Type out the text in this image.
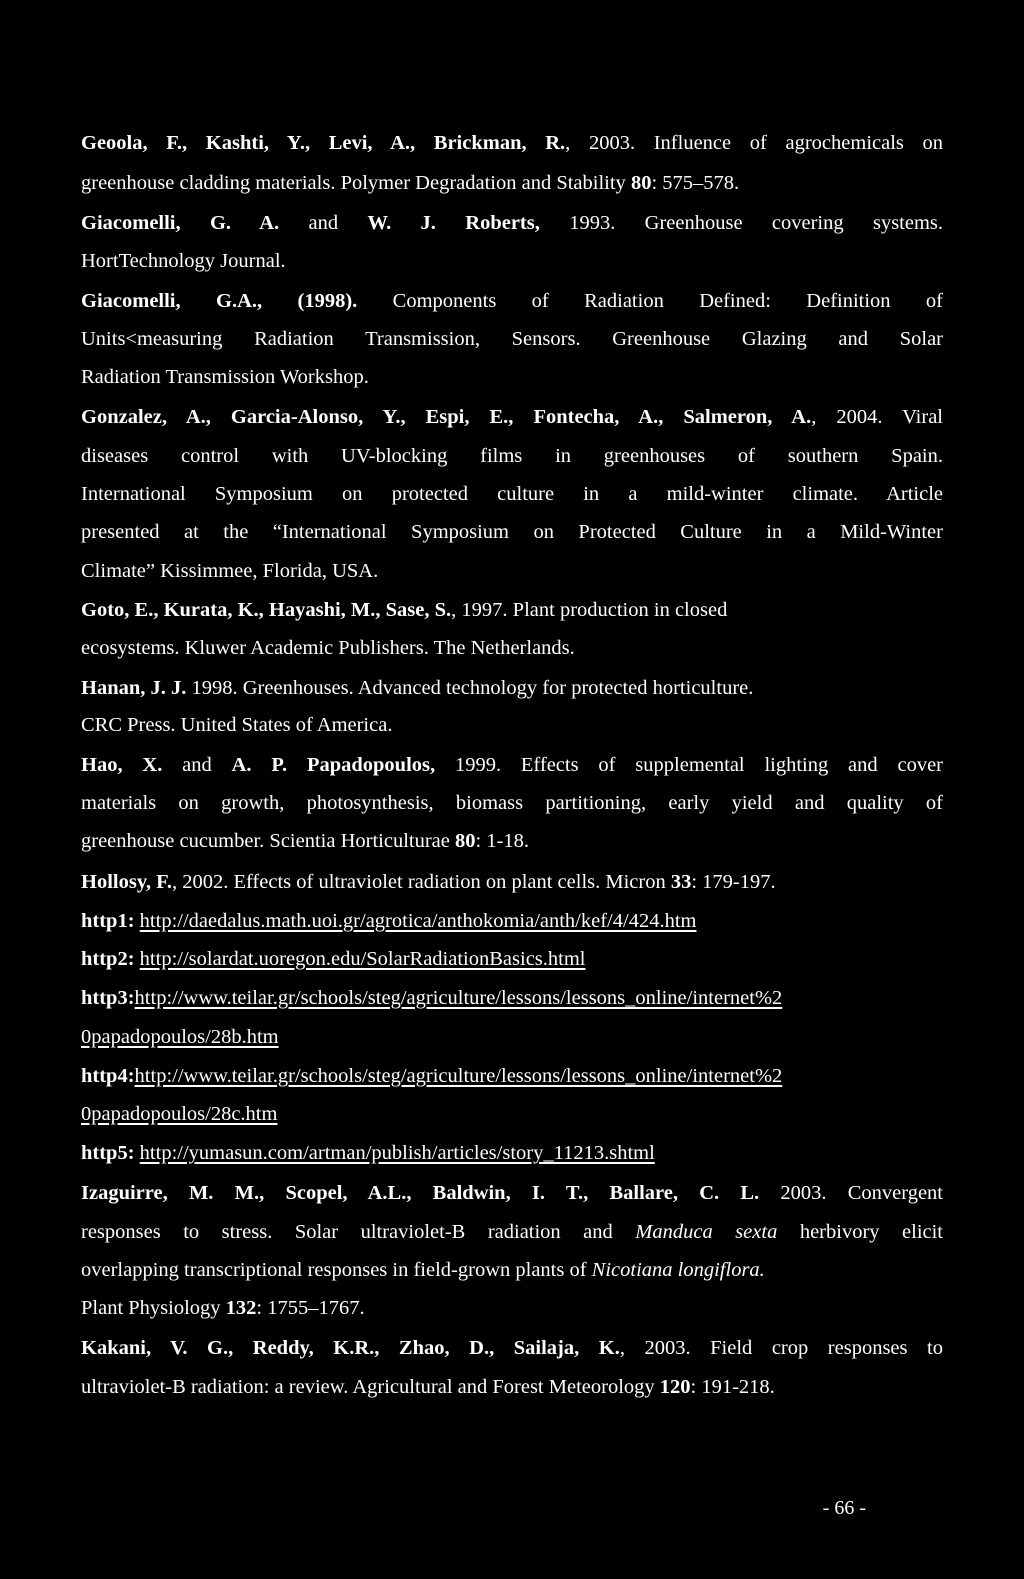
Geoola, F., Kashti, Y., Levi, A., Brickman, R., 2003. Influence of agrochemicals on
greenhouse cladding materials. Polymer Degradation and Stability 80: 575–578.
Giacomelli, G. A. and W. J. Roberts, 1993. Greenhouse covering systems.
HortTechnology Journal.
Giacomelli, G.A., (1998). Components of Radiation Defined: Definition of
Units<measuring Radiation Transmission, Sensors. Greenhouse Glazing and Solar
Radiation Transmission Workshop.
Gonzalez, A., Garcia-Alonso, Y., Espi, E., Fontecha, A., Salmeron, A., 2004. Viral
diseases control with UV-blocking films in greenhouses of southern Spain.
International Symposium on protected culture in a mild-winter climate. Article
presented at the “International Symposium on Protected Culture in a Mild-Winter
Climate” Kissimmee, Florida, USA.
Goto, E., Kurata, K., Hayashi, M., Sase, S., 1997. Plant production in closed
ecosystems. Kluwer Academic Publishers. The Netherlands.
Hanan, J. J. 1998. Greenhouses. Advanced technology for protected horticulture.
CRC Press. United States of America.
Hao, X. and A. P. Papadopoulos, 1999. Effects of supplemental lighting and cover
materials on growth, photosynthesis, biomass partitioning, early yield and quality of
greenhouse cucumber. Scientia Horticulturae 80: 1-18.
Hollosy, F., 2002. Effects of ultraviolet radiation on plant cells. Micron 33: 179-197.
http1: http://daedalus.math.uoi.gr/agrotica/anthokomia/anth/kef/4/424.htm
http2: http://solardat.uoregon.edu/SolarRadiationBasics.html
http3:http://www.teilar.gr/schools/steg/agriculture/lessons/lessons_online/internet%2
0papadopoulos/28b.htm
http4:http://www.teilar.gr/schools/steg/agriculture/lessons/lessons_online/internet%2
0papadopoulos/28c.htm
http5: http://yumasun.com/artman/publish/articles/story_11213.shtml
Izaguirre, M. M., Scopel, A.L., Baldwin, I. T., Ballare, C. L. 2003. Convergent
responses to stress. Solar ultraviolet-B radiation and Manduca sexta herbivory elicit
overlapping transcriptional responses in field-grown plants of Nicotiana longiflora.
Plant Physiology 132: 1755–1767.
Kakani, V. G., Reddy, K.R., Zhao, D., Sailaja, K., 2003. Field crop responses to
ultraviolet-B radiation: a review. Agricultural and Forest Meteorology 120: 191-218.
- 66 -
